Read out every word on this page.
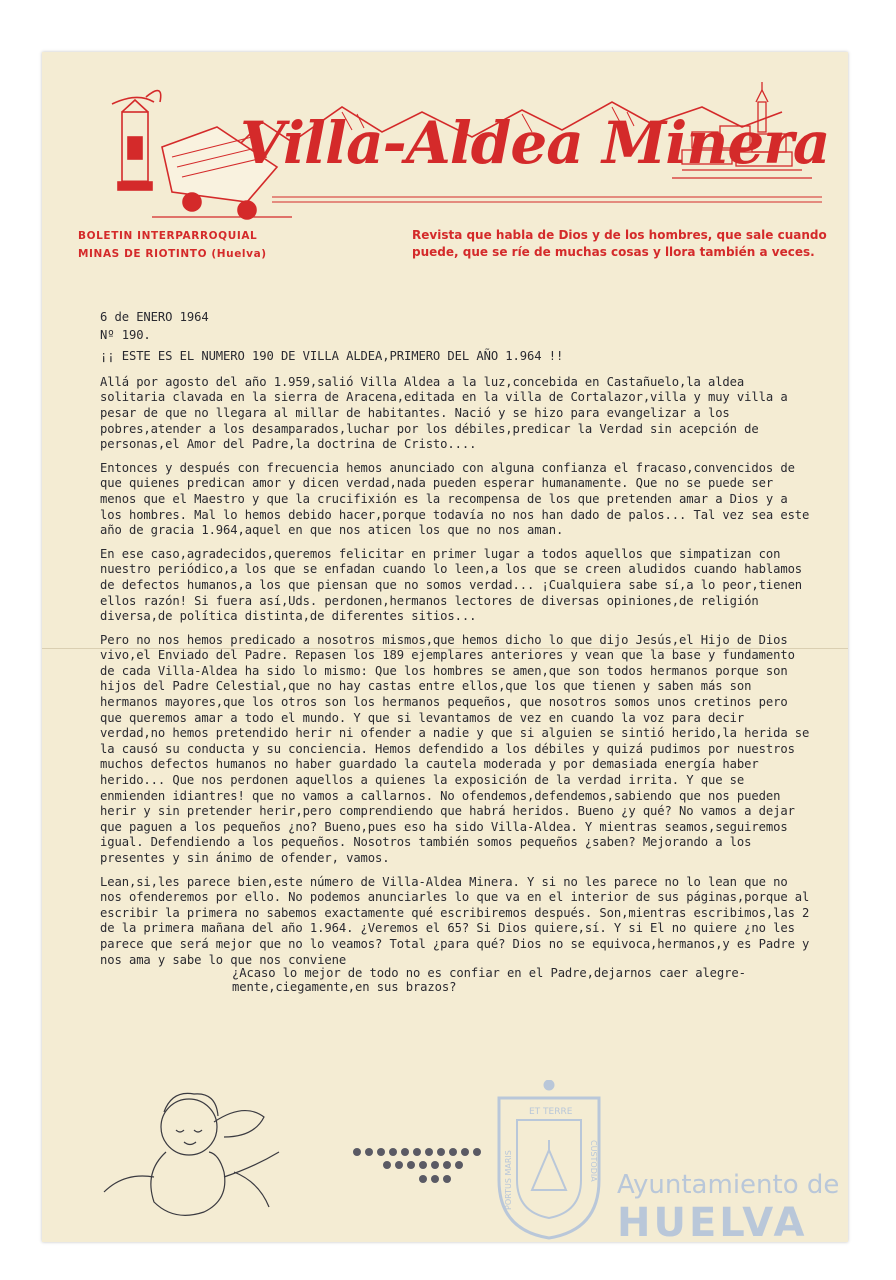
Villa-Aldea Minera
BOLETIN INTERPARROQUIAL
MINAS DE RIOTINTO (Huelva)
Revista que habla de Dios y de los hombres, que sale cuando
puede, que se ríe de muchas cosas y llora también a veces.
6 de ENERO 1964
Nº 190.
¡¡ ESTE ES EL NUMERO 190 DE VILLA ALDEA,PRIMERO DEL AÑO 1.964 !!

Allá por agosto del año 1.959,salió Villa Aldea a la luz,concebida en Castañuelo,la aldea solitaria clavada en la sierra de Aracena,editada en la villa de Cortalazor,villa y muy villa a pesar de que no llegara al millar de habitantes. Nació y se hizo para evangelizar a los pobres,atender a los desamparados,luchar por los débiles,predicar la Verdad sin acepción de personas,el Amor del Padre,la doctrina de Cristo....

Entonces y después con frecuencia hemos anunciado con alguna confianza el fracaso,convencidos de que quienes predican amor y dicen verdad,nada pueden esperar humanamente. Que no se puede ser menos que el Maestro y que la crucifixión es la recompensa de los que pretenden amar a Dios y a los hombres. Mal lo hemos debido hacer,porque todavía no nos han dado de palos... Tal vez sea este año de gracia 1.964,aquel en que nos aticen los que no nos aman.

En ese caso,agradecidos,queremos felicitar en primer lugar a todos aquellos que simpatizan con nuestro periódico,a los que se enfadan cuando lo leen,a los que se creen aludidos cuando hablamos de defectos humanos,a los que piensan que no somos verdad... ¡Cualquiera sabe sí,a lo peor,tienen ellos razón! Si fuera así,Uds. perdonen,hermanos lectores de diversas opiniones,de religión diversa,de política distinta,de diferentes sitios...

Pero no nos hemos predicado a nosotros mismos,que hemos dicho lo que dijo Jesús,el Hijo de Dios vivo,el Enviado del Padre. Repasen los 189 ejemplares anteriores y vean que la base y fundamento de cada Villa-Aldea ha sido lo mismo: Que los hombres se amen,que son todos hermanos porque son hijos del Padre Celestial,que no hay castas entre ellos,que los que tienen y saben más son hermanos mayores,que los otros son los hermanos pequeños, que nosotros somos unos cretinos pero que queremos amar a todo el mundo. Y que si levantamos de vez en cuando la voz para decir verdad,no hemos pretendido herir ni ofender a nadie y que si alguien se sintió herido,la herida se la causó su conducta y su conciencia. Hemos defendido a los débiles y quizá pudimos por nuestros muchos defectos humanos no haber guardado la cautela moderada y por demasiada energía haber herido... Que nos perdonen aquellos a quienes la exposición de la verdad irrita. Y que se enmienden idiantres! que no vamos a callarnos. No ofendemos,defendemos,sabiendo que nos pueden herir y sin pretender herir,pero comprendiendo que habrá heridos. Bueno ¿y qué? No vamos a dejar que paguen a los pequeños ¿no? Bueno,pues eso ha sido Villa-Aldea. Y mientras seamos,seguiremos igual. Defendiendo a los pequeños. Nosotros también somos pequeños ¿saben? Mejorando a los presentes y sin ánimo de ofender, vamos.

Lean,si,les parece bien,este número de Villa-Aldea Minera. Y si no les parece no lo lean que no nos ofenderemos por ello. No podemos anunciarles lo que va en el interior de sus páginas,porque al escribir la primera no sabemos exactamente qué escribiremos después. Son,mientras escribimos,las 2 de la primera mañana del año 1.964. ¿Veremos el 65? Si Dios quiere,sí. Y si El no quiere ¿no les parece que será mejor que no lo veamos? Total ¿para qué? Dios no se equivoca,hermanos,y es Padre y nos ama y sabe lo que nos conviene

¿Acaso lo mejor de todo no es confiar en el Padre,dejarnos caer alegre-
mente,ciegamente,en sus brazos?
ET TERRE
PORTUS MARIS	CUSTODIA
Ayuntamiento de
HUELVA
